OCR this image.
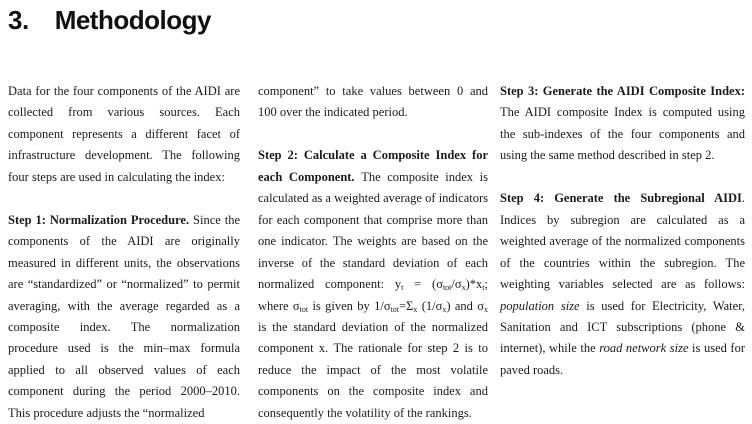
3. Methodology

Data for the four components of the AIDI are collected from various sources. Each component represents a different facet of infrastructure development. The following four steps are used in calculating the index:

Step 1: Normalization Procedure. Since the components of the AIDI are originally measured in different units, the observations are “standardized” or “normalized” to permit averaging, with the average regarded as a composite index. The normalization procedure used is the min–max formula applied to all observed values of each component during the period 2000–2010. This procedure adjusts the “normalized

component” to take values between 0 and 100 over the indicated period.

Step 2: Calculate a Composite Index for each Component. The composite index is calculated as a weighted average of indicators for each component that comprise more than one indicator. The weights are based on the inverse of the standard deviation of each normalized component: $y_t = (\sigma_{tot}/\sigma_x)*x_t$; where $\sigma_{tot}$ is given by $1/\sigma_{tot}=\Sigma_x$ $(1/\sigma_x)$ and $\sigma_x$ is the standard deviation of the normalized component x. The rationale for step 2 is to reduce the impact of the most volatile components on the composite index and consequently the volatility of the rankings.

Step 3: Generate the AIDI Composite Index: The AIDI composite Index is computed using the sub-indexes of the four components and using the same method described in step 2.

Step 4: Generate the Subregional AIDI. Indices by subregion are calculated as a weighted average of the normalized components of the countries within the subregion. The weighting variables selected are as follows: population size is used for Electricity, Water, Sanitation and ICT subscriptions (phone & internet), while the road network size is used for paved roads.
